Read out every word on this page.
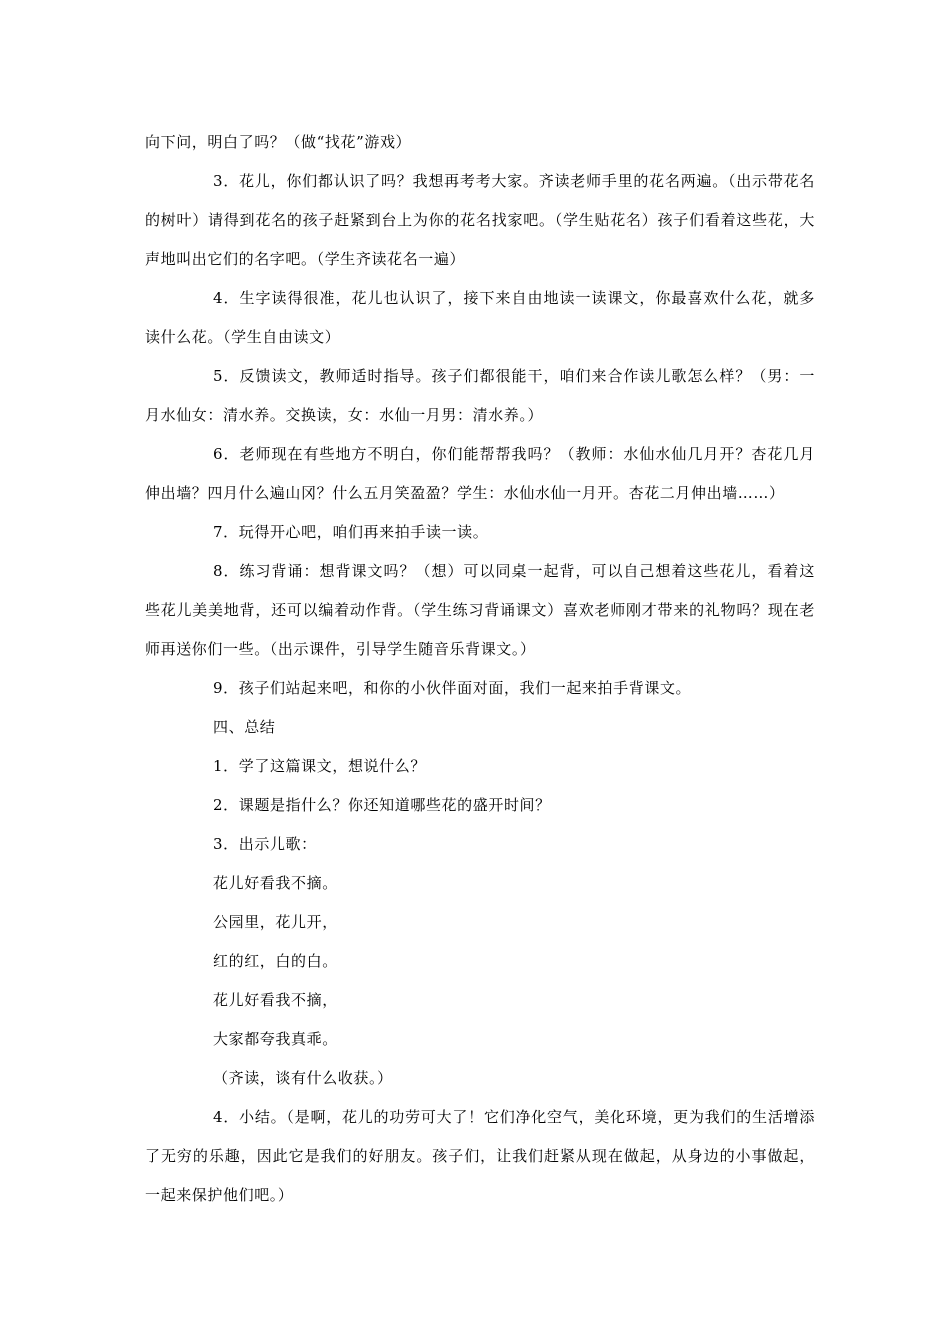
向下问，明白了吗？（做“找花”游戏）

3．花儿，你们都认识了吗？我想再考考大家。齐读老师手里的花名两遍。（出示带花名的树叶）请得到花名的孩子赶紧到台上为你的花名找家吧。（学生贴花名）孩子们看着这些花，大声地叫出它们的名字吧。（学生齐读花名一遍）

4．生字读得很准，花儿也认识了，接下来自由地读一读课文，你最喜欢什么花，就多读什么花。（学生自由读文）

5．反馈读文，教师适时指导。孩子们都很能干，咱们来合作读儿歌怎么样？（男：一月水仙女：清水养。交换读，女：水仙一月男：清水养。）

6．老师现在有些地方不明白，你们能帮帮我吗？（教师：水仙水仙几月开？杏花几月伸出墙？四月什么遍山冈？什么五月笑盈盈？学生：水仙水仙一月开。杏花二月伸出墙……）

7．玩得开心吧，咱们再来拍手读一读。

8．练习背诵：想背课文吗？（想）可以同桌一起背，可以自己想着这些花儿，看着这些花儿美美地背，还可以编着动作背。（学生练习背诵课文）喜欢老师刚才带来的礼物吗？现在老师再送你们一些。（出示课件，引导学生随音乐背课文。）

9．孩子们站起来吧，和你的小伙伴面对面，我们一起来拍手背课文。

四、总结

1．学了这篇课文，想说什么？

2．课题是指什么？你还知道哪些花的盛开时间？

3．出示儿歌：

花儿好看我不摘。

公园里，花儿开，

红的红，白的白。

花儿好看我不摘，

大家都夸我真乖。

（齐读，谈有什么收获。）

4．小结。（是啊，花儿的功劳可大了！它们净化空气，美化环境，更为我们的生活增添了无穷的乐趣，因此它是我们的好朋友。孩子们，让我们赶紧从现在做起，从身边的小事做起，一起来保护他们吧。）
